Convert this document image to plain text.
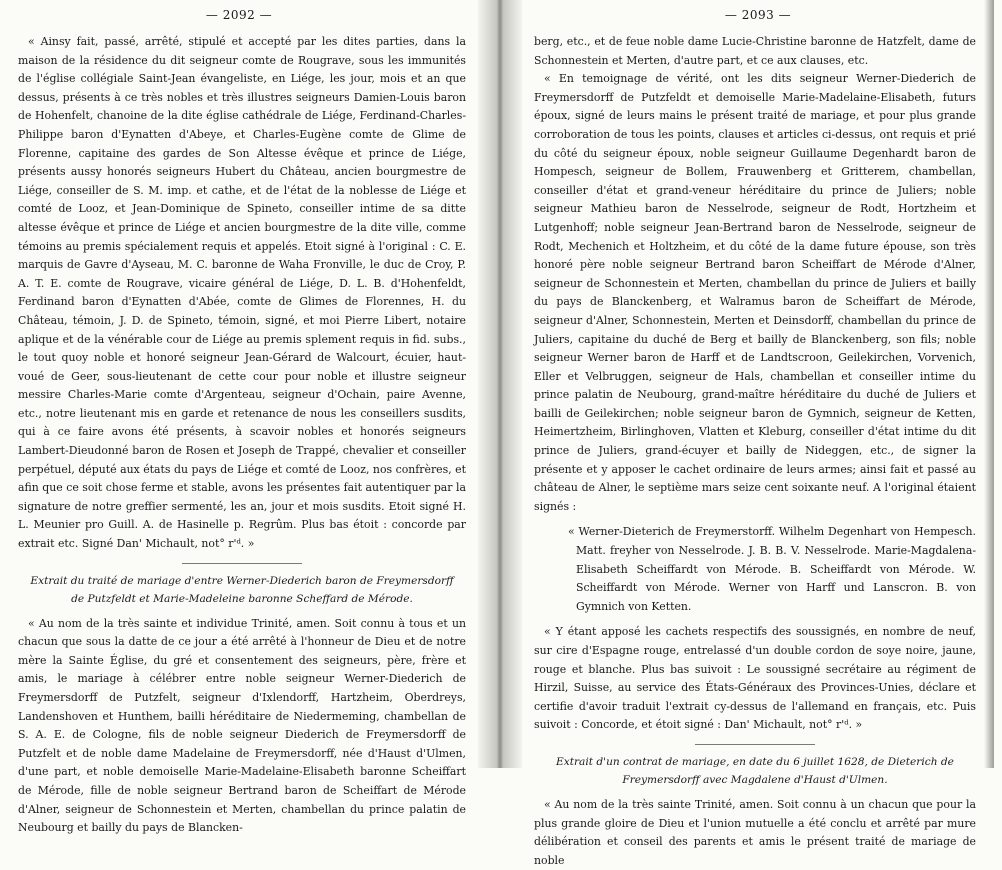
— 2092 —

« Ainsy fait, passé, arrêté, stipulé et accepté par les dites parties, dans la maison de la résidence du dit seigneur comte de Rougrave, sous les immunités de l'église collégiale Saint-Jean évangeliste, en Liége, les jour, mois et an que dessus, présents à ce très nobles et très illustres seigneurs Damien-Louis baron de Hohenfelt, chanoine de la dite église cathédrale de Liége, Ferdinand-Charles-Philippe baron d'Eynatten d'Abeye, et Charles-Eugène comte de Glime de Florenne, capitaine des gardes de Son Altesse évêque et prince de Liége, présents aussy honorés seigneurs Hubert du Château, ancien bourgmestre de Liége, conseiller de S. M. imp. et cathe, et de l'état de la noblesse de Liége et comté de Looz, et Jean-Dominique de Spineto, conseiller intime de sa ditte altesse évêque et prince de Liége et ancien bourgmestre de la dite ville, comme témoins au premis spécialement requis et appelés. Etoit signé à l'original : C. E. marquis de Gavre d'Ayseau, M. C. baronne de Waha Fronville, le duc de Croy, P. A. T. E. comte de Rougrave, vicaire général de Liége, D. L. B. d'Hohenfeldt, Ferdinand baron d'Eynatten d'Abée, comte de Glimes de Florennes, H. du Château, témoin, J. D. de Spineto, témoin, signé, et moi Pierre Libert, notaire aplique et de la vénérable cour de Liége au premis splement requis in fid. subs., le tout quoy noble et honoré seigneur Jean-Gérard de Walcourt, écuier, haut-voué de Geer, sous-lieutenant de cette cour pour noble et illustre seigneur messire Charles-Marie comte d'Argenteau, seigneur d'Ochain, paire Avenne, etc., notre lieutenant mis en garde et retenance de nous les conseillers susdits, qui à ce faire avons été présents, à scavoir nobles et honorés seigneurs Lambert-Dieudonné baron de Rosen et Joseph de Trappé, chevalier et conseiller perpétuel, député aux états du pays de Liége et comté de Looz, nos confrères, et afin que ce soit chose ferme et stable, avons les présentes fait autentiquer par la signature de notre greffier sermenté, les an, jour et mois susdits. Etoit signé H. L. Meunier pro Guill. A. de Hasinelle p. Regrûm. Plus bas étoit : concorde par extrait etc. Signé Dan' Michault, not° r'ᵈ. »

Extrait du traité de mariage d'entre Werner-Diederich baron de Freymersdorff de Putzfeldt et Marie-Madeleine baronne Scheffard de Mérode.

« Au nom de la très sainte et individue Trinité, amen. Soit connu à tous et un chacun que sous la datte de ce jour a été arrêté à l'honneur de Dieu et de notre mère la Sainte Église, du gré et consentement des seigneurs, père, frère et amis, le mariage à célébrer entre noble seigneur Werner-Diederich de Freymersdorff de Putzfelt, seigneur d'Ixlendorff, Hartzheim, Oberdreys, Landenshoven et Hunthem, bailli héréditaire de Niedermeming, chambellan de S. A. E. de Cologne, fils de noble seigneur Diederich de Freymersdorff de Putzfelt et de noble dame Madelaine de Freymersdorff, née d'Haust d'Ulmen, d'une part, et noble demoiselle Marie-Madelaine-Elisabeth baronne Scheiffart de Mérode, fille de noble seigneur Bertrand baron de Scheiffart de Mérode d'Alner, seigneur de Schonnestein et Merten, chambellan du prince palatin de Neubourg et bailly du pays de Blancken-

— 2093 —

berg, etc., et de feue noble dame Lucie-Christine baronne de Hatzfelt, dame de Schonnestein et Merten, d'autre part, et ce aux clauses, etc.

« En temoignage de vérité, ont les dits seigneur Werner-Diederich de Freymersdorff de Putzfeldt et demoiselle Marie-Madelaine-Elisabeth, futurs époux, signé de leurs mains le présent traité de mariage, et pour plus grande corroboration de tous les points, clauses et articles ci-dessus, ont requis et prié du côté du seigneur époux, noble seigneur Guillaume Degenhardt baron de Hompesch, seigneur de Bollem, Frauwenberg et Gritterem, chambellan, conseiller d'état et grand-veneur héréditaire du prince de Juliers; noble seigneur Mathieu baron de Nesselrode, seigneur de Rodt, Hortzheim et Lutgenhoff; noble seigneur Jean-Bertrand baron de Nesselrode, seigneur de Rodt, Mechenich et Holtzheim, et du côté de la dame future épouse, son très honoré père noble seigneur Bertrand baron Scheiffart de Mérode d'Alner, seigneur de Schonnestein et Merten, chambellan du prince de Juliers et bailly du pays de Blanckenberg, et Walramus baron de Scheiffart de Mérode, seigneur d'Alner, Schonnestein, Merten et Deinsdorff, chambellan du prince de Juliers, capitaine du duché de Berg et bailly de Blanckenberg, son fils; noble seigneur Werner baron de Harff et de Landtscroon, Geilekirchen, Vorvenich, Eller et Velbruggen, seigneur de Hals, chambellan et conseiller intime du prince palatin de Neubourg, grand-maître héréditaire du duché de Juliers et bailli de Geilekirchen; noble seigneur baron de Gymnich, seigneur de Ketten, Heimertzheim, Birlinghoven, Vlatten et Kleburg, conseiller d'état intime du dit prince de Juliers, grand-écuyer et bailly de Nideggen, etc., de signer la présente et y apposer le cachet ordinaire de leurs armes; ainsi fait et passé au château de Alner, le septième mars seize cent soixante neuf. A l'original étaient signés :

« Werner-Dieterich de Freymerstorff. Wilhelm Degenhart von Hempesch. Matt. freyher von Nesselrode. J. B. B. V. Nesselrode. Marie-Magdalena-Elisabeth Scheiffardt von Mérode. B. Scheiffardt von Mérode. W. Scheiffardt von Mérode. Werner von Harff und Lanscron. B. von Gymnich von Ketten.

« Y étant apposé les cachets respectifs des soussignés, en nombre de neuf, sur cire d'Espagne rouge, entrelassé d'un double cordon de soye noire, jaune, rouge et blanche. Plus bas suivoit : Le soussigné secrétaire au régiment de Hirzil, Suisse, au service des États-Généraux des Provinces-Unies, déclare et certifie d'avoir traduit l'extrait cy-dessus de l'allemand en français, etc. Puis suivoit : Concorde, et étoit signé : Dan' Michault, not° r'ᵈ. »

Extrait d'un contrat de mariage, en date du 6 juillet 1628, de Dieterich de Freymersdorff avec Magdalene d'Haust d'Ulmen.

« Au nom de la très sainte Trinité, amen. Soit connu à un chacun que pour la plus grande gloire de Dieu et l'union mutuelle a été conclu et arrêté par mure délibération et conseil des parents et amis le présent traité de mariage de noble
